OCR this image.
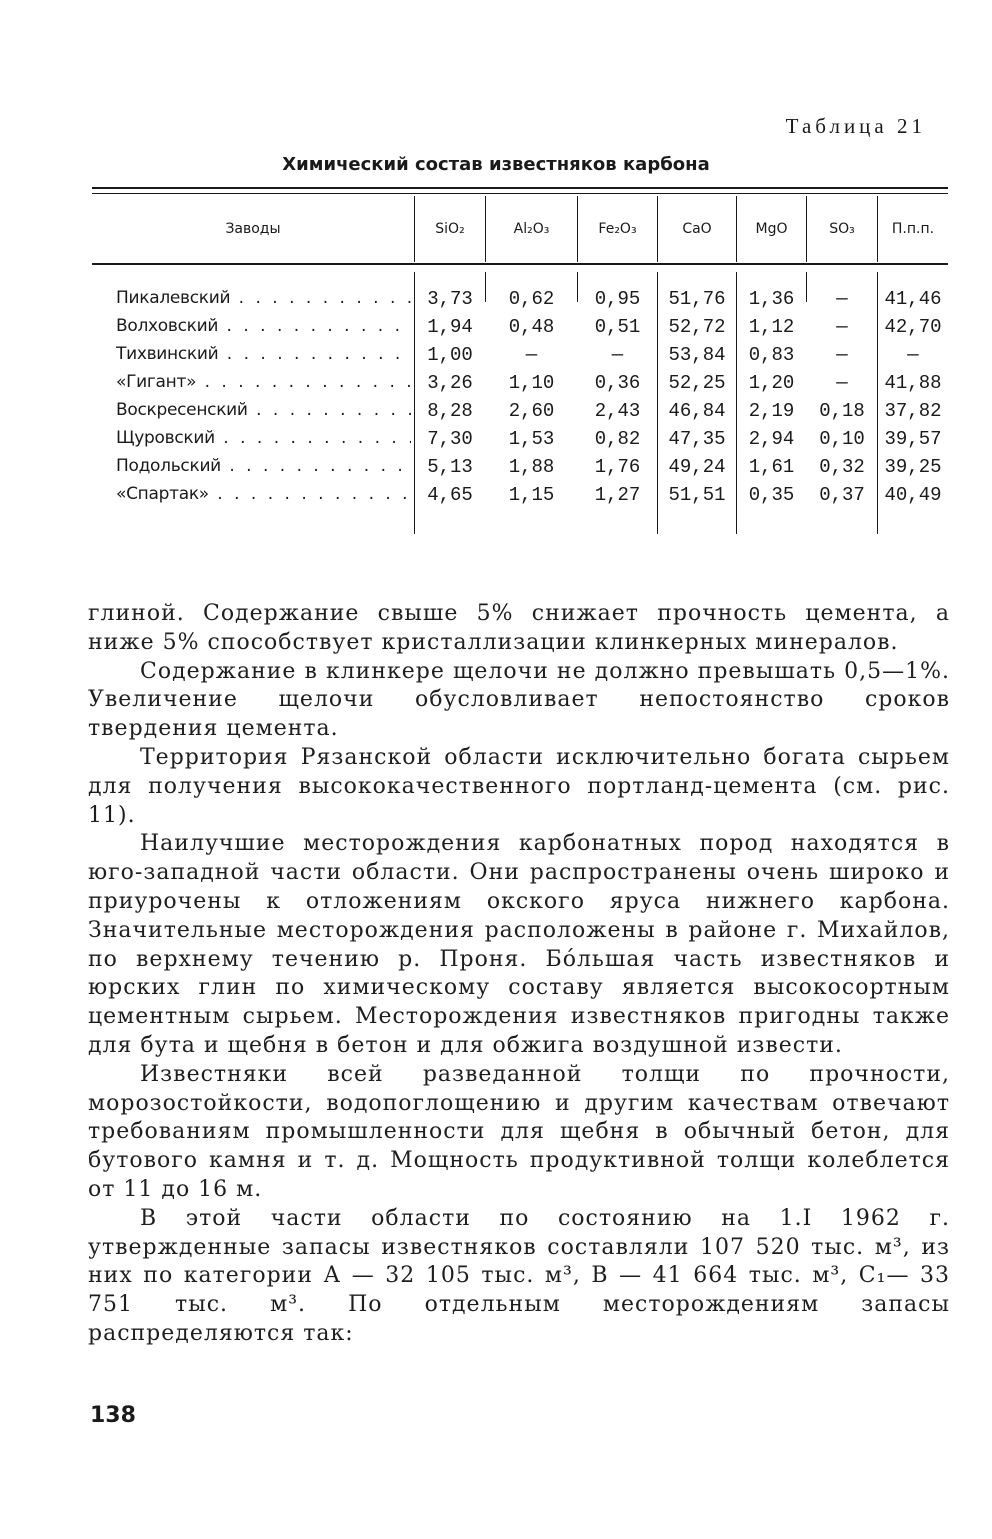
Таблица 21
Химический состав известняков карбона
Заводы	SiO₂	Al₂O₃	Fe₂O₃	CaO	MgO	SO₃	П.п.п.
Пикалевский . . .	3,73	0,62	0,95	51,76	1,36	—	41,46
Волховский . . .	1,94	0,48	0,51	52,72	1,12	—	42,70
Тихвинский . . .	1,00	—	—	53,84	0,83	—	—
«Гигант» . . .	3,26	1,10	0,36	52,25	1,20	—	41,88
Воскресенский . . .	8,28	2,60	2,43	46,84	2,19	0,18	37,82
Щуровский . . .	7,30	1,53	0,82	47,35	2,94	0,10	39,57
Подольский . . .	5,13	1,88	1,76	49,24	1,61	0,32	39,25
«Спартак» . . .	4,65	1,15	1,27	51,51	0,35	0,37	40,49

глиной. Содержание свыше 5% снижает прочность цемента, а ниже 5% способствует кристаллизации клинкерных минералов.

Содержание в клинкере щелочи не должно превышать 0,5—1%. Увеличение щелочи обусловливает непостоянство сроков твердения цемента.

Территория Рязанской области исключительно богата сырьем для получения высококачественного портланд-цемента (см. рис. 11).

Наилучшие месторождения карбонатных пород находятся в юго-западной части области. Они распространены очень широко и приурочены к отложениям окского яруса нижнего карбона. Значительные месторождения расположены в районе г. Михайлов, по верхнему течению р. Проня. Бóльшая часть известняков и юрских глин по химическому составу является высокосортным цементным сырьем. Месторождения известняков пригодны также для бута и щебня в бетон и для обжига воздушной извести.

Известняки всей разведанной толщи по прочности, морозостойкости, водопоглощению и другим качествам отвечают требованиям промышленности для щебня в обычный бетон, для бутового камня и т. д. Мощность продуктивной толщи колеблется от 11 до 16 м.

В этой части области по состоянию на 1.I 1962 г. утвержденные запасы известняков составляли 107 520 тыс. м³, из них по категории А — 32 105 тыс. м³, В — 41 664 тыс. м³, С₁— 33 751 тыс. м³. По отдельным месторождениям запасы распределяются так:

138
